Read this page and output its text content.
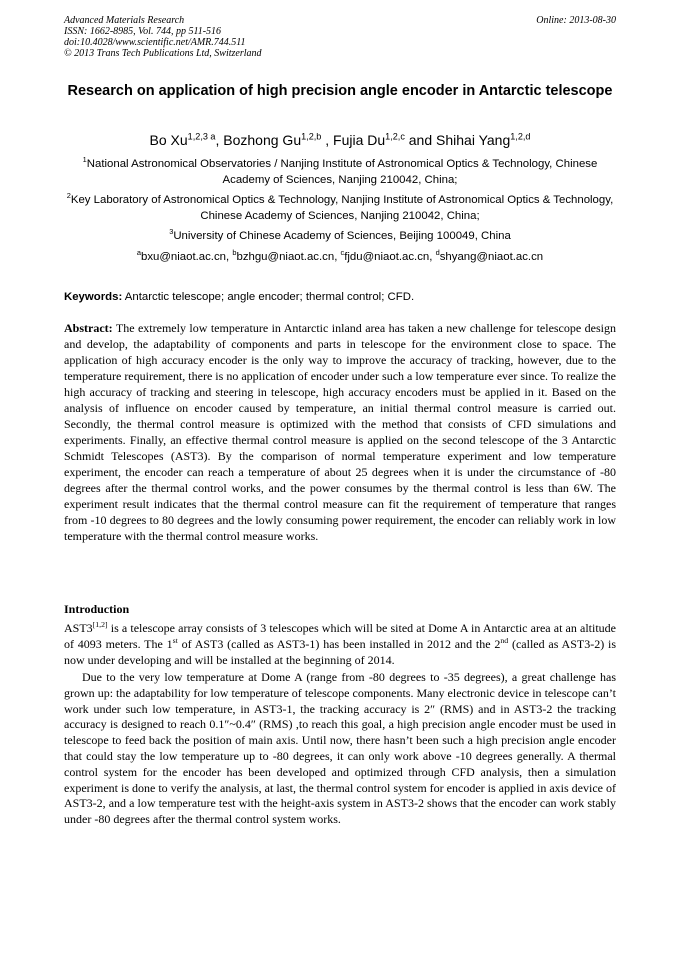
Advanced Materials Research
ISSN: 1662-8985, Vol. 744, pp 511-516
doi:10.4028/www.scientific.net/AMR.744.511
© 2013 Trans Tech Publications Ltd, Switzerland
Online: 2013-08-30
Research on application of high precision angle encoder in Antarctic telescope
Bo $Xu^{1,2,3 a}$, Bozhong Gu$^{1,2,b}$ , Fujia Du$^{1,2,c}$ and Shihai Yang$^{1,2,d}$
$^1$National Astronomical Observatories / Nanjing Institute of Astronomical Optics & Technology, Chinese Academy of Sciences, Nanjing 210042, China;
$^2$Key Laboratory of Astronomical Optics & Technology, Nanjing Institute of Astronomical Optics & Technology, Chinese Academy of Sciences, Nanjing 210042, China;
$^3$University of Chinese Academy of Sciences, Beijing 100049, China
$^a$bxu@niaot.ac.cn, $^b$bzhgu@niaot.ac.cn, $^c$fjdu@niaot.ac.cn, $^d$shyang@niaot.ac.cn
Keywords: Antarctic telescope; angle encoder; thermal control; CFD.
Abstract: The extremely low temperature in Antarctic inland area has taken a new challenge for telescope design and develop, the adaptability of components and parts in telescope for the environment close to space. The application of high accuracy encoder is the only way to improve the accuracy of tracking, however, due to the temperature requirement, there is no application of encoder under such a low temperature ever since. To realize the high accuracy of tracking and steering in telescope, high accuracy encoders must be applied in it. Based on the analysis of influence on encoder caused by temperature, an initial thermal control measure is carried out. Secondly, the thermal control measure is optimized with the method that consists of CFD simulations and experiments. Finally, an effective thermal control measure is applied on the second telescope of the 3 Antarctic Schmidt Telescopes (AST3). By the comparison of normal temperature experiment and low temperature experiment, the encoder can reach a temperature of about 25 degrees when it is under the circumstance of -80 degrees after the thermal control works, and the power consumes by the thermal control is less than 6W. The experiment result indicates that the thermal control measure can fit the requirement of temperature that ranges from -10 degrees to 80 degrees and the lowly consuming power requirement, the encoder can reliably work in low temperature with the thermal control measure works.
Introduction
AST3[1,2] is a telescope array consists of 3 telescopes which will be sited at Dome A in Antarctic area at an altitude of 4093 meters. The 1st of AST3 (called as AST3-1) has been installed in 2012 and the 2nd (called as AST3-2) is now under developing and will be installed at the beginning of 2014.
Due to the very low temperature at Dome A (range from -80 degrees to -35 degrees), a great challenge has grown up: the adaptability for low temperature of telescope components. Many electronic device in telescope can’t work under such low temperature, in AST3-1, the tracking accuracy is 2″ (RMS) and in AST3-2 the tracking accuracy is designed to reach 0.1″~0.4″ (RMS) ,to reach this goal, a high precision angle encoder must be used in telescope to feed back the position of main axis. Until now, there hasn’t been such a high precision angle encoder that could stay the low temperature up to -80 degrees, it can only work above -10 degrees generally. A thermal control system for the encoder has been developed and optimized through CFD analysis, then a simulation experiment is done to verify the analysis, at last, the thermal control system for encoder is applied in axis device of AST3-2, and a low temperature test with the height-axis system in AST3-2 shows that the encoder can work stably under -80 degrees after the thermal control system works.
